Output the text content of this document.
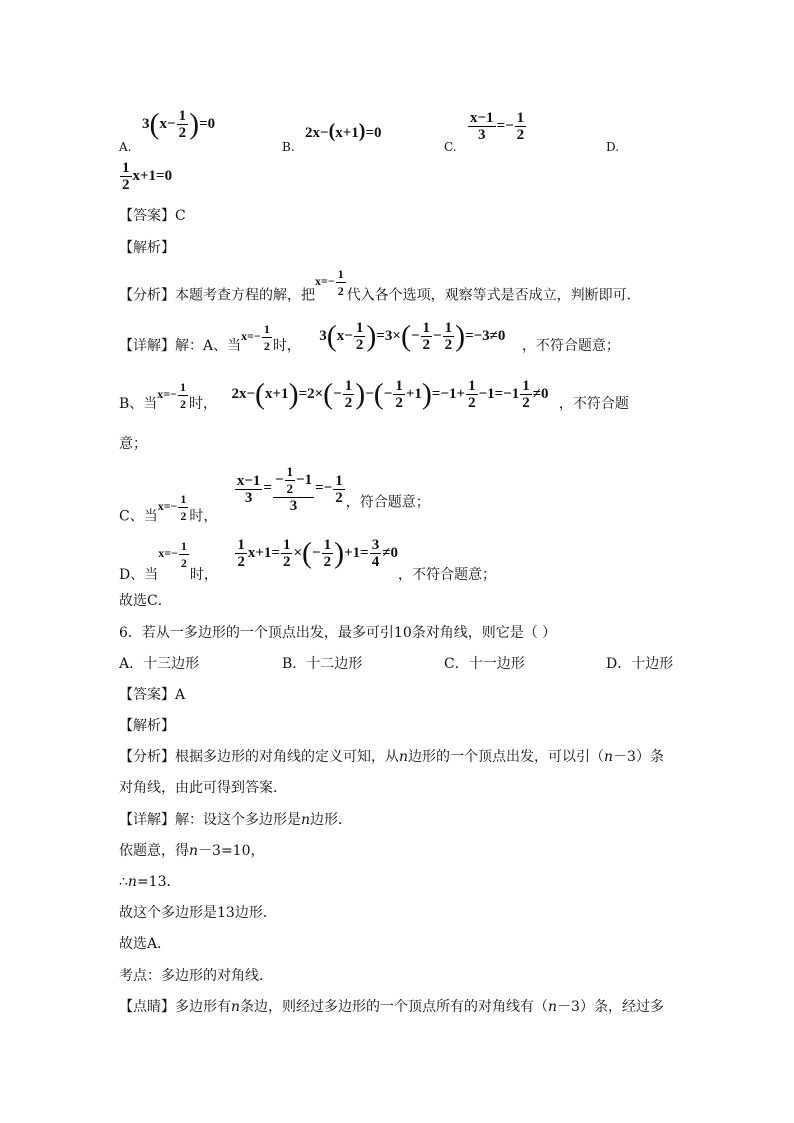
A.
$3(x- \frac{1}{2} )=0$
B.
2x−(x+1)=0
C.
$\frac{x-1}{3} =- \frac{1}{2}$
D.
$\frac{1}{2} x+1=0$
【答案】C
【解析】
【分析】本题考查方程的解，把$x=- \frac{1}{2}$ 代入各个选项，观察等式是否成立，判断即可．
【详解】解：A、当$x=- \frac{1}{2}$ 时， $3(x- \frac{1}{2} )=3\times(- \frac{1}{2} - \frac{1}{2} )=-3\ne 0$ ，不符合题意；
B、当$x=- \frac{1}{2}$ 时， $2x-(x+1)=2\times(- \frac{1}{2}$ )−(− $\frac{1}{2} +1)=-1+ \frac{1}{2} -1=-1 \frac{1}{2} \ne 0$ ，不符合题
意；
C、当$x=- \frac{1}{2}$ 时，
$\frac{x-1}{3} = \frac{- \frac{1}{2} -1}{3} =- \frac{1}{2}$ ，符合题意；
D、当$x=- \frac{1}{2}$
时，
$\frac{1}{2} x+1= \frac{1}{2}$ ×(− $\frac{1}{2} )+1= \frac{3}{4} \ne 0$，不符合题意；
故选C．
6．若从一多边形的一个顶点出发，最多可引10条对角线，则它是（ ）
A．十三边形	B．十二边形	C．十一边形	D．十边形
【答案】A
【解析】
【分析】根据多边形的对角线的定义可知，从n边形的一个顶点出发，可以引（n－3）条
对角线，由此可得到答案．
【详解】解：设这个多边形是n边形．
依题意，得n－3=10，
∴n=13．
故这个多边形是13边形．
故选A．
考点：多边形的对角线．
【点睛】多边形有n条边，则经过多边形的一个顶点所有的对角线有（n－3）条，经过多
